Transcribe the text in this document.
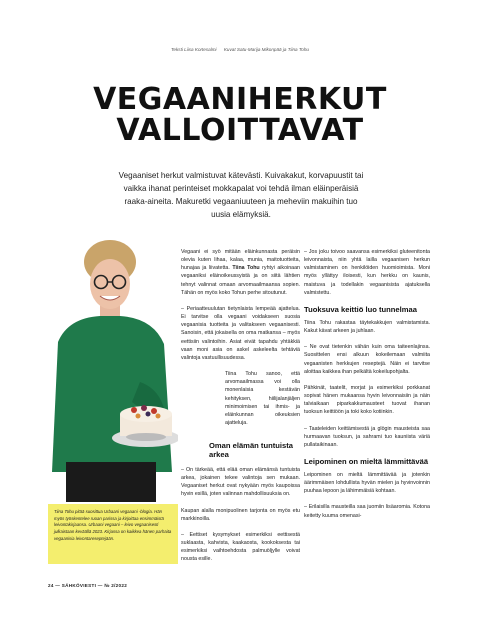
Teksti Liisa Kortesalmi Kuvat Satu-Marija Mikonpää ja Tiina Tohu
VEGAANIHERKUT
VALLOITTAVAT
Vegaaniset herkut valmistuvat kätevästi. Kuivakakut, korvapuustit tai vaikka ihanat perinteiset mokkapalat voi tehdä ilman eläinperäisiä raaka-aineita. Makuretki vegaaniuuteen ja meheviin makuihin tuo uusia elämyksiä.
Tiina Tohu pitää suosittua Urbaani vegaaani -blogia. Hän myös työskentelee ruoan parissa ja kirjoittaa ensimmäistä leivontakirjaansa. Urbaani vegaani – leivo vegaanisesti julkaistaan keväällä 2023. Kirjassa on kaikkea hänen parhaita vegaanisia leivontareseptejään.

Vegaani ei syö mitään eläinkunnasta peräisin olevia kuten lihaa, kalaa, munia, maitotuotteita, hunajaa ja liivatetta. Tiina Tohu ryhtyi aikoinaan vegaaniksi eläinoikeussyistä ja on siitä lähtien tehnyt valinnat omaan arvomaailmaansa sopien. Tähän on myös koko Tohun perhe sitoutunut.

– Periaatteuulutan tietynlaista lempeää ajattelua. Ei tarvitse olla vegaani voidakseen suosia vegaanisia tuotteita ja valitakseen vegaanisesti. Sanoisin, että jokaisella on oma matkansa – myös eettisiin valintoihin. Asiat eivät tapahdu yhtäkkiä vaan moni asia on askel askeleelta tehtäviä valintoja vastuullisuudessa.

Tiina Tohu sanoo, että arvomaailmassa voi olla monenlaisia kestävän kehityksen, hiilijalanjäljen minimoimisen tai ihmis- ja eläinkunnan oikeuksien ajatteluja.

Oman elämän tuntuista arkea

– On tärkeää, että elää oman elämänsä tuntuista arkea, jokainen tekee valintoja sen mukaan. Vegaaniset herkut ovat nykyään myös kaupoissa hyvin esillä, joten valinnan mahdollisuuksia on.

Kaupan alalla monipuolinen tarjonta on myös etu markkinoilla.

– Eettiset kysymykset esimerkiksi eettisestä suklaasta, kahvista, kaakaosta, kookoksesta tai esimerkiksi vaihtoehdosta palmuöljylle voivat nousta esille.

– Jos joku toivoo saavansa esimerkiksi gluteenitonta leivonnaista, niin yhtä lailla vegaanisen herkun valmistaminen on henkilöiden huomioimista. Moni myös yllättyy iloisesti, kun herkku on kaunis, maistuva ja todellakin vegaanisista ajatuksella valmistettu.

Tuoksuva keittiö luo tunnelmaa

Tiina Tohu rakastaa täytekakkujen valmistamista. Kakut kävat arkeen ja juhlaan.

– Ne ovat tietenkin vähän kuin oma taiteenlajinsa. Suosittelen ensi alkuun kokeilemaan valmiita vegaanisten herkkujen reseptejä. Näin ei tarvitse aloittaa kaikkea ihan pelkältä kokeilupohjalta.

Pähkinät, taatelit, morjat ja esimerkiksi porkkanat sopivat hänen mukaansa hyvin leivonnaisiin ja näin talviaikaan piparkakkumausteet tuovat ihanan tuoksun keittiöön ja toki koko kotiinkin.

– Taateleiden keittämisestä ja glögin mausteista saa hurmaavan tuoksun, ja sahrami tuo kauniista väriä pullataikinaan.

Leipominen on mieltä lämmittävää

Leipominen on mieltä lämmittävää ja jotenkin äärimmäisen lohdullista hyvän mielen ja hyvinvoinnin puuhaa lepoon ja lähimmäisiä kohtaan.

– Erilaisilla mausteilla saa juomiin lisäaromia. Kotona keitetty kuuma omenasi-

24 — SÄHKÖVIESTI — № 2/2022
